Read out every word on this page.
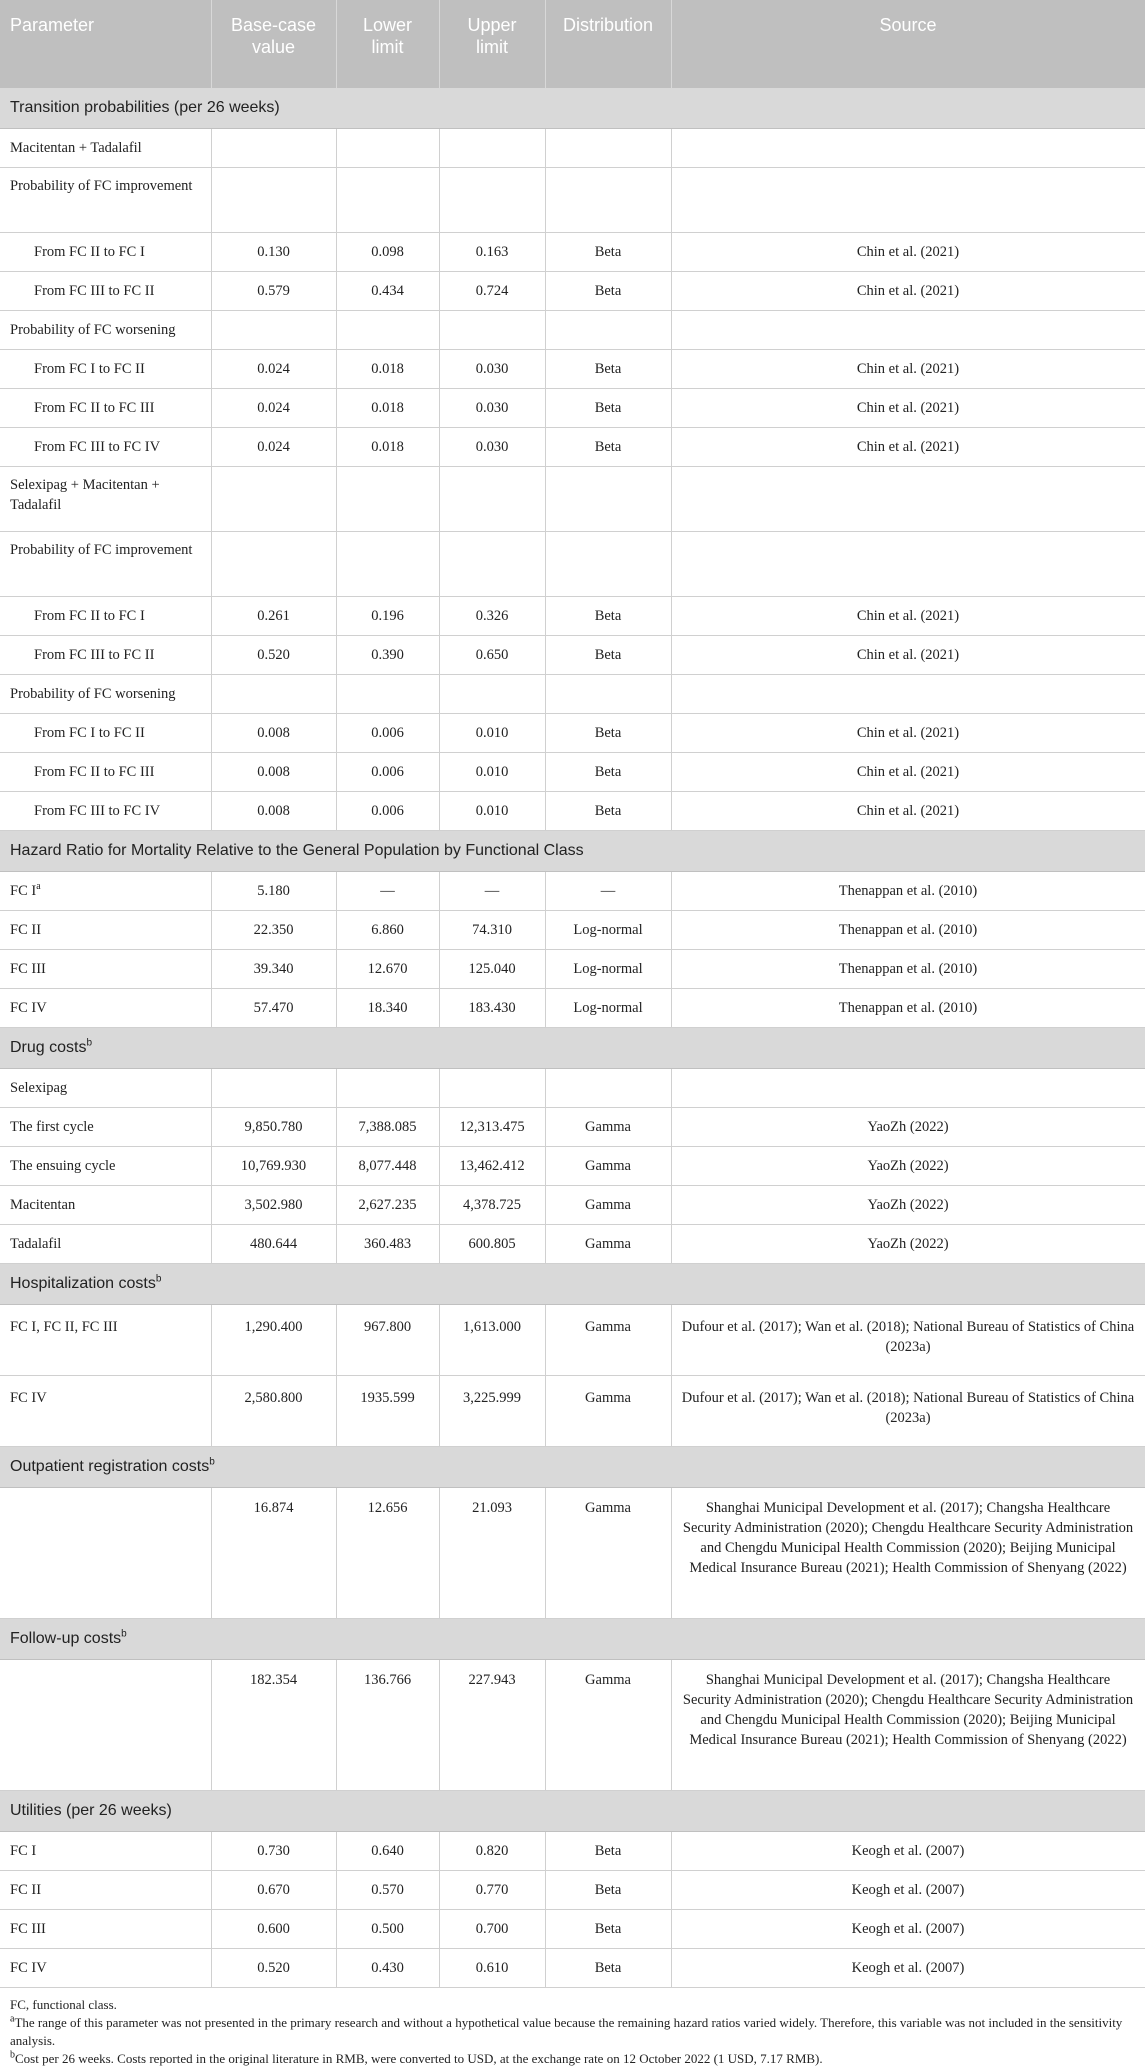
Parameter	Base-case value	Lower limit	Upper limit	Distribution	Source
Transition probabilities (per 26 weeks)					
Macitentan + Tadalafil					
Probability of FC improvement					
From FC II to FC I	0.130	0.098	0.163	Beta	Chin et al. (2021)
From FC III to FC II	0.579	0.434	0.724	Beta	Chin et al. (2021)
Probability of FC worsening					
From FC I to FC II	0.024	0.018	0.030	Beta	Chin et al. (2021)
From FC II to FC III	0.024	0.018	0.030	Beta	Chin et al. (2021)
From FC III to FC IV	0.024	0.018	0.030	Beta	Chin et al. (2021)
Selexipag + Macitentan + Tadalafil					
Probability of FC improvement					
From FC II to FC I	0.261	0.196	0.326	Beta	Chin et al. (2021)
From FC III to FC II	0.520	0.390	0.650	Beta	Chin et al. (2021)
Probability of FC worsening					
From FC I to FC II	0.008	0.006	0.010	Beta	Chin et al. (2021)
From FC II to FC III	0.008	0.006	0.010	Beta	Chin et al. (2021)
From FC III to FC IV	0.008	0.006	0.010	Beta	Chin et al. (2021)
Hazard Ratio for Mortality Relative to the General Population by Functional Class					
FC $I^a$	5.180	—	—	—	Thenappan et al. (2010)
FC II	22.350	6.860	74.310	Log-normal	Thenappan et al. (2010)
FC III	39.340	12.670	125.040	Log-normal	Thenappan et al. (2010)
FC IV	57.470	18.340	183.430	Log-normal	Thenappan et al. (2010)
Drug costs$^b$
Selexipag					
The first cycle	9,850.780	7,388.085	12,313.475	Gamma	YaoZh (2022)
The ensuing cycle	10,769.930	8,077.448	13,462.412	Gamma	YaoZh (2022)
Macitentan	3,502.980	2,627.235	4,378.725	Gamma	YaoZh (2022)
Tadalafil	480.644	360.483	600.805	Gamma	YaoZh (2022)
Hospitalization costs$^b$
FC I, FC II, FC III	1,290.400	967.800	1,613.000	Gamma	Dufour et al. (2017); Wan et al. (2018); National Bureau of Statistics of China (2023a)
FC IV	2,580.800	1935.599	3,225.999	Gamma	Dufour et al. (2017); Wan et al. (2018); National Bureau of Statistics of China (2023a)
Outpatient registration costs$^b$
	16.874	12.656	21.093	Gamma	Shanghai Municipal Development et al. (2017); Changsha Healthcare Security Administration (2020); Chengdu Healthcare Security Administration and Chengdu Municipal Health Commission (2020); Beijing Municipal Medical Insurance Bureau (2021); Health Commission of Shenyang (2022)
Follow-up costs$^b$
	182.354	136.766	227.943	Gamma	Shanghai Municipal Development et al. (2017); Changsha Healthcare Security Administration (2020); Chengdu Healthcare Security Administration and Chengdu Municipal Health Commission (2020); Beijing Municipal Medical Insurance Bureau (2021); Health Commission of Shenyang (2022)
Utilities (per 26 weeks)					
FC I	0.730	0.640	0.820	Beta	Keogh et al. (2007)
FC II	0.670	0.570	0.770	Beta	Keogh et al. (2007)
FC III	0.600	0.500	0.700	Beta	Keogh et al. (2007)
FC IV	0.520	0.430	0.610	Beta	Keogh et al. (2007)

FC, functional class.

$^a$The range of this parameter was not presented in the primary research and without a hypothetical value because the remaining hazard ratios varied widely. Therefore, this variable was not included in the sensitivity analysis.

$^b$Cost per 26 weeks. Costs reported in the original literature in RMB, were converted to USD, at the exchange rate on 12 October 2022 (1 USD, 7.17 RMB).
